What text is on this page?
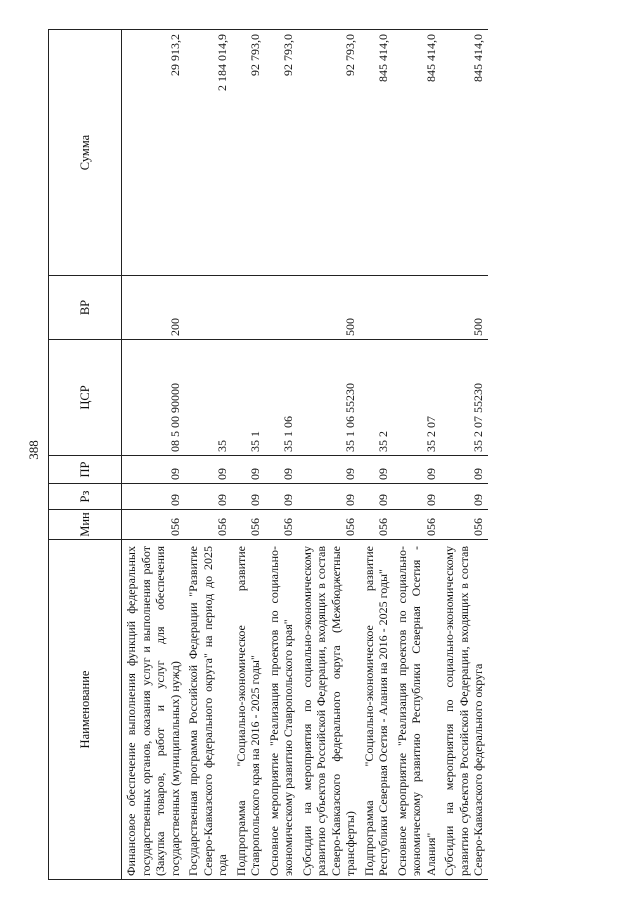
388
Наименование	Мин	Рз	ПР	ЦСР	ВР	Сумма
Финансовое обеспечение выполнения функций федеральных государственных органов, оказания услуг и выполнения работ (Закупка товаров, работ и услуг для обеспечения государственных (муниципальных) нужд)	056	09	09	08 5 00 90000	200	29 913,2
Государственная программа Российской Федерации "Развитие Северо-Кавказского федерального округа" на период до 2025 года	056	09	09	35		2 184 014,9
Подпрограмма "Социально-экономическое развитие Ставропольского края на 2016 - 2025 годы"	056	09	09	35 1		92 793,0
Основное мероприятие "Реализация проектов по социально-экономическому развитию Ставропольского края"	056	09	09	35 1 06		92 793,0
Субсидии на мероприятия по социально-экономическому развитию субъектов Российской Федерации, входящих в состав Северо-Кавказского федерального округа (Межбюджетные трансферты)	056	09	09	35 1 06 55230	500	92 793,0
Подпрограмма "Социально-экономическое развитие Республики Северная Осетия - Алания на 2016 - 2025 годы"	056	09	09	35 2		845 414,0
Основное мероприятие "Реализация проектов по социально-экономическому развитию Республики Северная Осетия - Алания"	056	09	09	35 2 07		845 414,0
Субсидии на мероприятия по социально-экономическому развитию субъектов Российской Федерации, входящих в состав Северо-Кавказского федерального округа	056	09	09	35 2 07 55230	500	845 414,0
